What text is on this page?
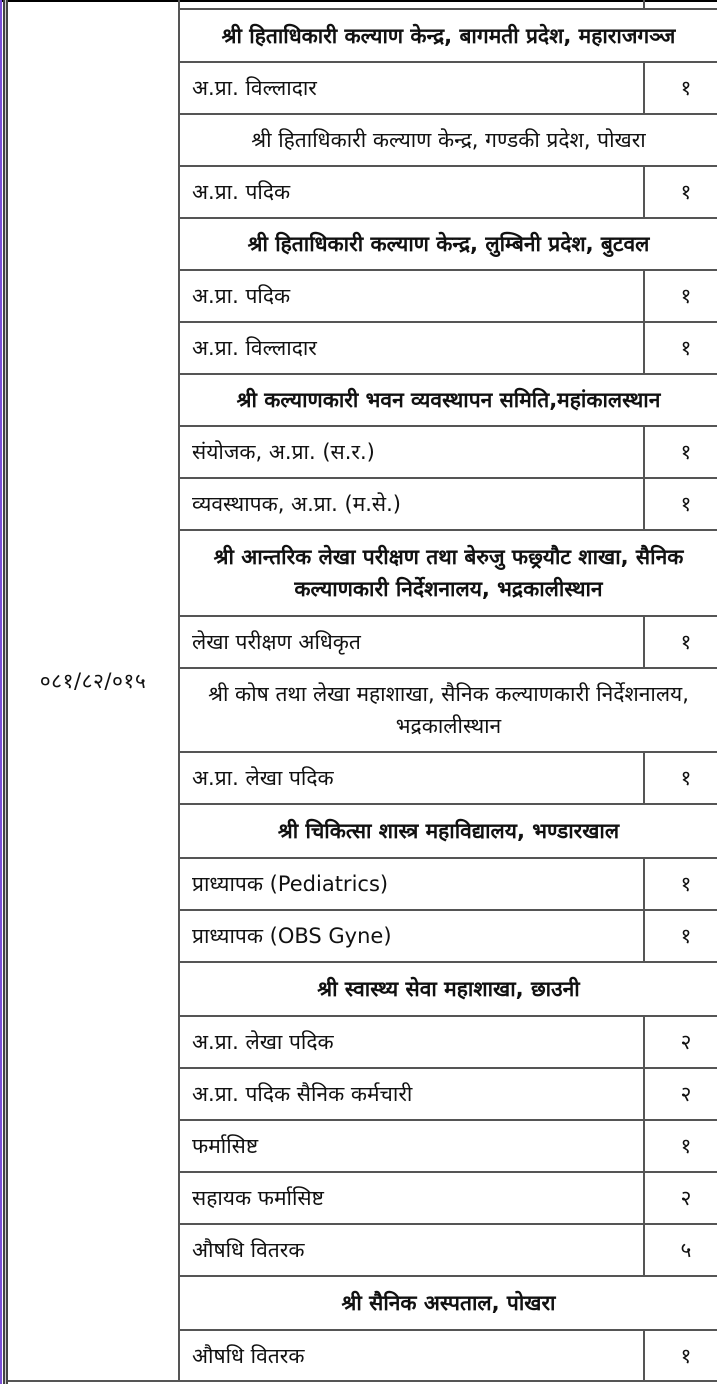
०८१/८२/०१५
श्री हिताधिकारी कल्याण केन्द्र, बागमती प्रदेश, महाराजगञ्ज
अ.प्रा. विल्लादार	१
श्री हिताधिकारी कल्याण केन्द्र, गण्डकी प्रदेश, पोखरा
अ.प्रा. पदिक	१
श्री हिताधिकारी कल्याण केन्द्र, लुम्बिनी प्रदेश, बुटवल
अ.प्रा. पदिक	१
अ.प्रा. विल्लादार	१
श्री कल्याणकारी भवन व्यवस्थापन समिति,महांकालस्थान
संयोजक, अ.प्रा. (स.र.)	१
व्यवस्थापक, अ.प्रा. (म.से.)	१
श्री आन्तरिक लेखा परीक्षण तथा बेरुजु फछ्र्यौट शाखा, सैनिक कल्याणकारी निर्देशनालय, भद्रकालीस्थान
लेखा परीक्षण अधिकृत	१
श्री कोष तथा लेखा महाशाखा, सैनिक कल्याणकारी निर्देशनालय, भद्रकालीस्थान
अ.प्रा. लेखा पदिक	१
श्री चिकित्सा शास्त्र महाविद्यालय, भण्डारखाल
प्राध्यापक (Pediatrics)	१
प्राध्यापक (OBS Gyne)	१
श्री स्वास्थ्य सेवा महाशाखा, छाउनी
अ.प्रा. लेखा पदिक	२
अ.प्रा. पदिक सैनिक कर्मचारी	२
फर्मासिष्ट	१
सहायक फर्मासिष्ट	२
औषधि वितरक	५
श्री सैनिक अस्पताल, पोखरा
औषधि वितरक	१
